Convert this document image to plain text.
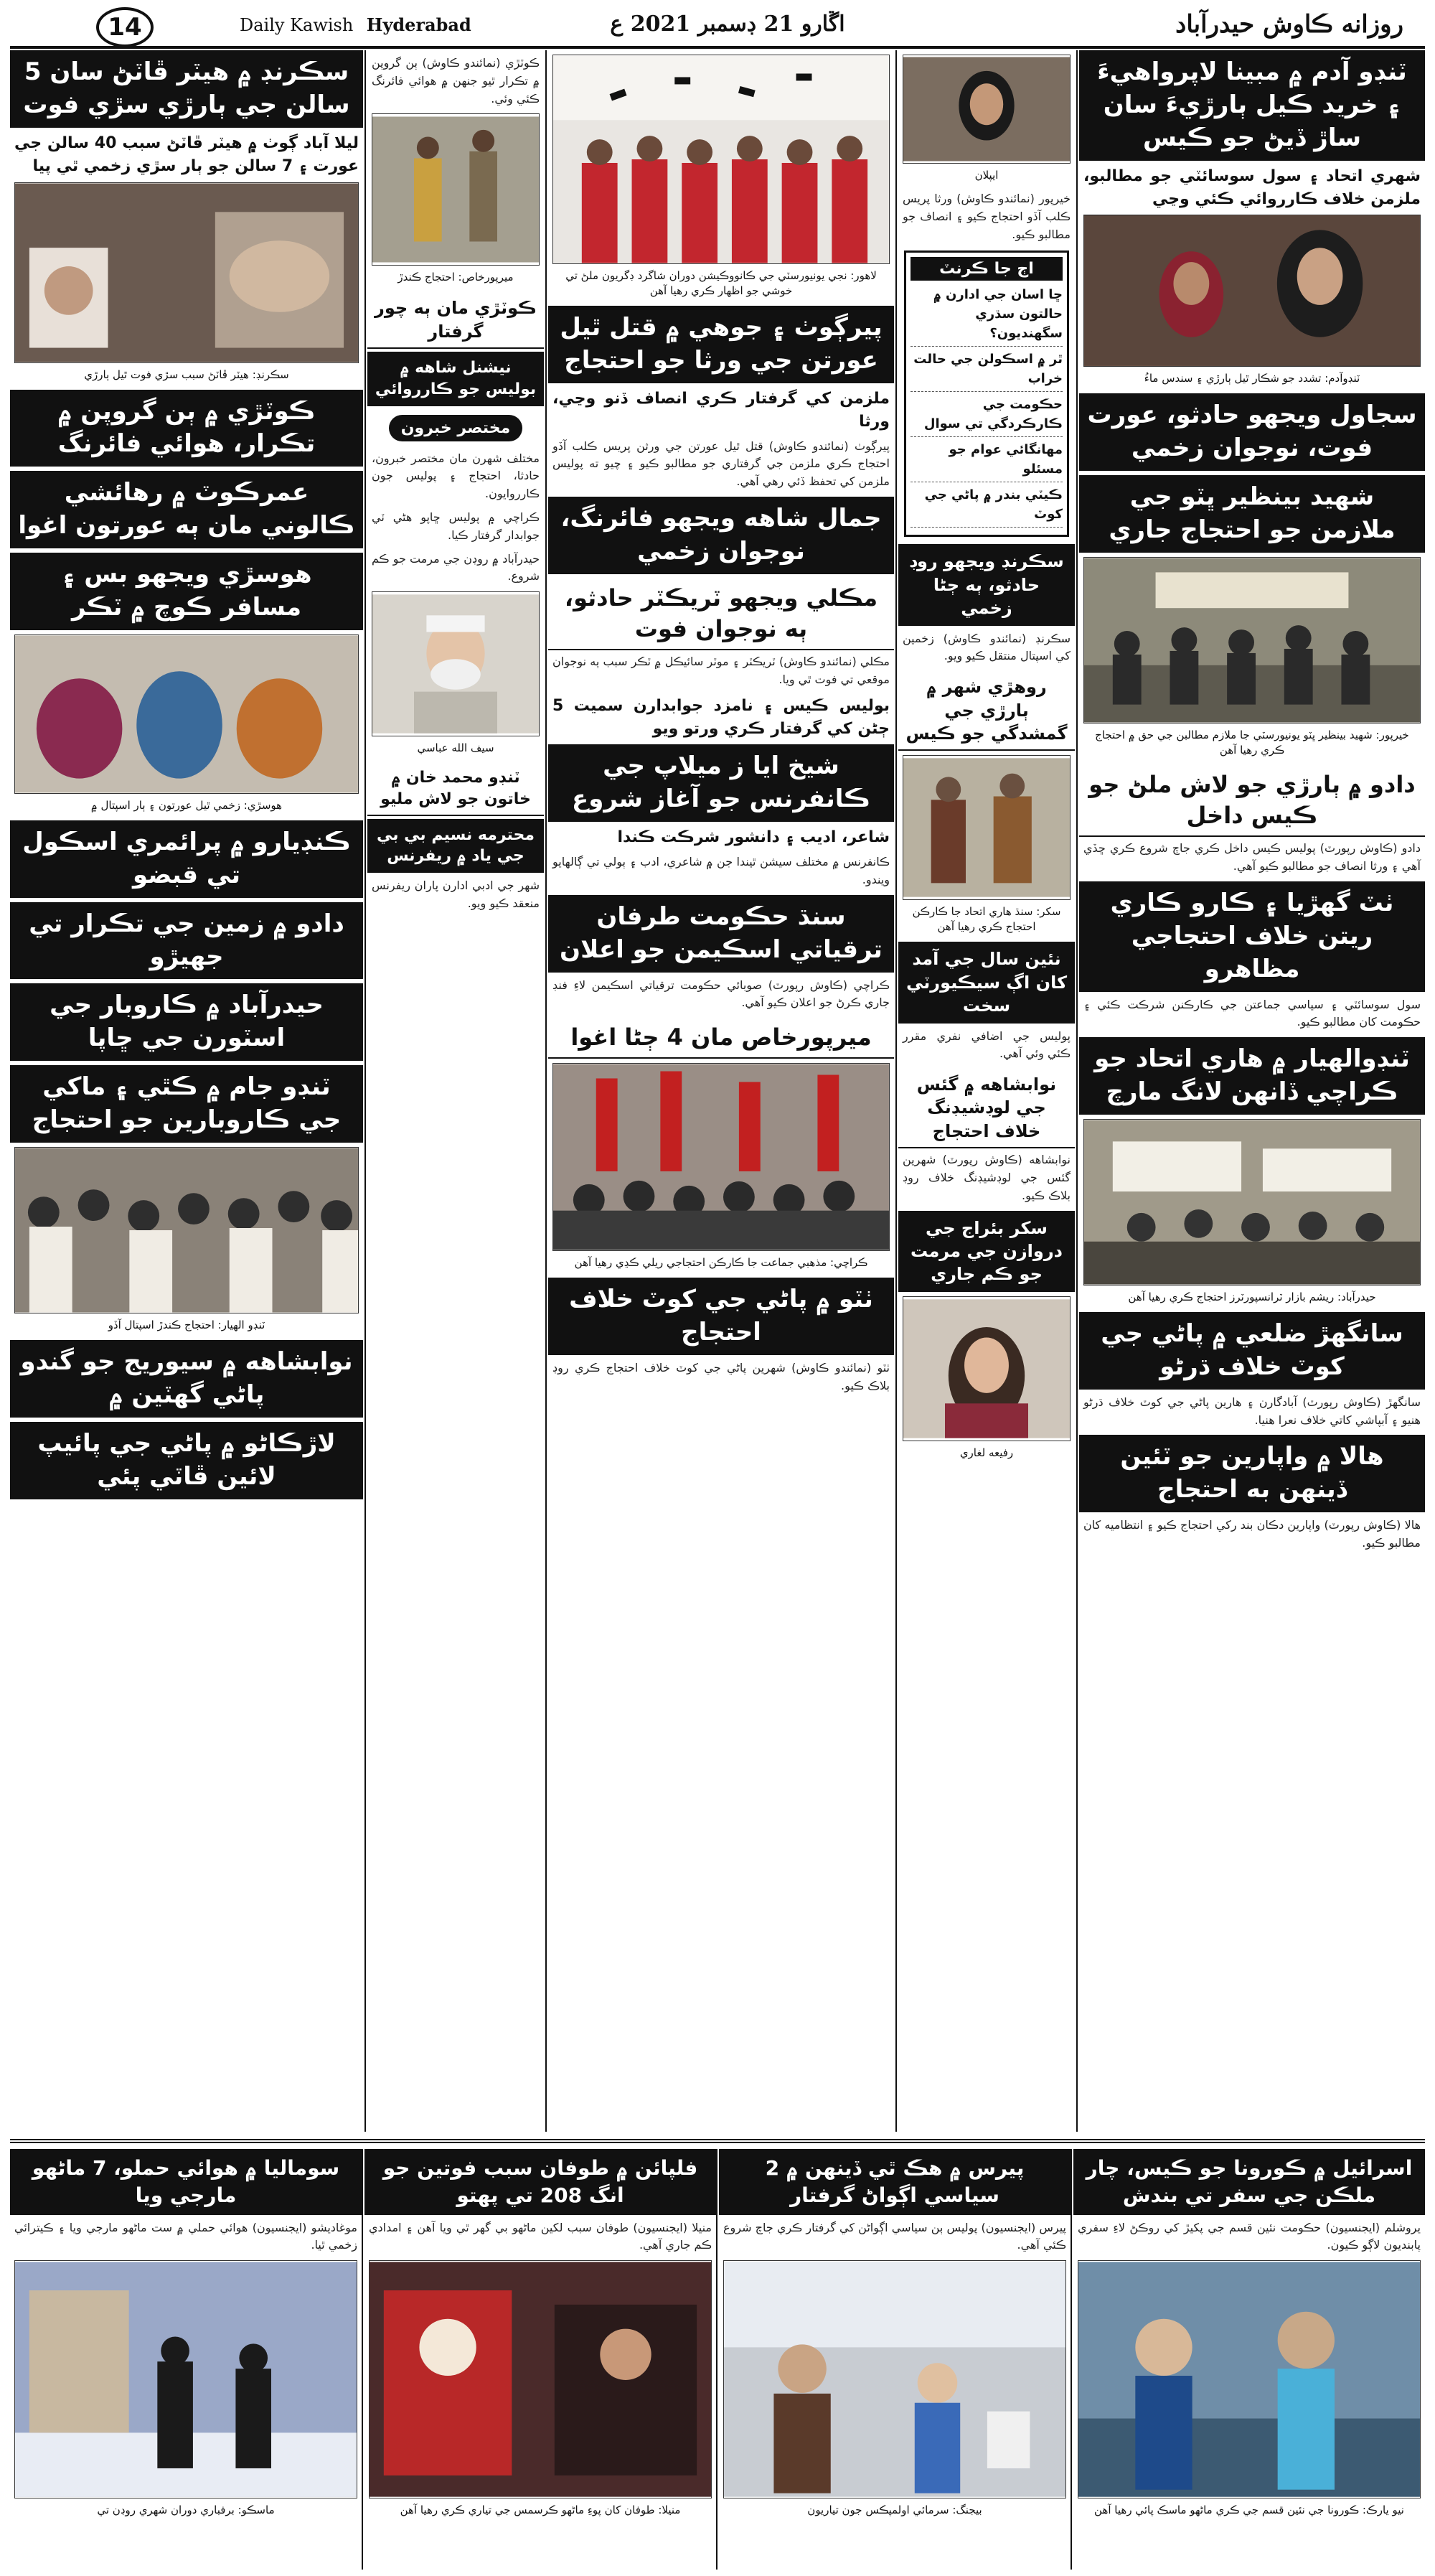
14	Daily Kawish Hyderabad	اڱارو 21 ڊسمبر 2021 ع	روزانه ڪاوش حيدرآباد
ٽنڊو آدم ۾ مبينا لاپرواهيءَ ۽ خريد ڪيل ٻارڙيءَ سان ساڙ ڏيڻ جو ڪيس
شهري اتحاد ۽ سول سوسائٽي جو مطالبو، ملزمن خلاف ڪارروائي ڪئي وڃي
ٽنڊوآدم: تشدد جو شڪار ٿيل ٻارڙي ۽ سندس ماءُ
سجاول ويجهو حادثو، عورت فوت، نوجوان زخمي
شهيد بينظير ڀٽو جي ملازمن جو احتجاج جاري
خيرپور: شهيد بينظير ڀٽو يونيورسٽي جا ملازم مطالبن جي حق ۾ احتجاج ڪري رهيا آهن
دادو ۾ ٻارڙي جو لاش ملڻ جو ڪيس داخل
دادو (ڪاوش رپورٽ) پوليس ڪيس داخل ڪري جاچ شروع ڪري ڇڏي آهي ۽ ورثا انصاف جو مطالبو ڪيو آهي.
ٺٽ گهڙيا ۽ ڪارو ڪاري ريتن خلاف احتجاجي مظاهرو
سول سوسائٽي ۽ سياسي جماعتن جي ڪارڪنن شرڪت ڪئي ۽ حڪومت کان مطالبو ڪيو.
ٽنڊوالهيار ۾ هاري اتحاد جو ڪراچي ڏانهن لانگ مارچ
حيدرآباد: ريشم بازار ٽرانسپورٽرز احتجاج ڪري رهيا آهن
سانگهڙ ضلعي ۾ پاڻي جي کوٽ خلاف ڌرڻو
سانگهڙ (ڪاوش رپورٽ) آبادگارن ۽ هارين پاڻي جي کوٽ خلاف ڌرڻو هنيو ۽ آبپاشي کاتي خلاف نعرا هنيا.
هالا ۾ واپارين جو ٽئين ڏينهن به احتجاج
هالا (ڪاوش رپورٽ) واپارين دڪان بند رکي احتجاج ڪيو ۽ انتظاميه کان مطالبو ڪيو.
ايپلان
خيرپور (نمائندو ڪاوش) ورثا پريس ڪلب آڏو احتجاج ڪيو ۽ انصاف جو مطالبو ڪيو.
اڄ جا ڪرنٽ
ڇا اسان جي ادارن ۾ حالتون سڌري سگهنديون؟
ٿر ۾ اسڪولن جي حالت خراب
حڪومت جي ڪارڪردگي تي سوال
مهانگائي عوام جو مسئلو
ڪيٽي بندر ۾ پاڻي جي کوٽ
سڪرنڊ ويجهو روڊ حادثو، ٻه ڄڻا زخمي
سڪرنڊ (نمائندو ڪاوش) زخمين کي اسپتال منتقل ڪيو ويو.
روهڙي شهر ۾ ٻارڙي جي گمشدگي جو ڪيس
سکر: سنڌ هاري اتحاد جا ڪارڪن احتجاج ڪري رهيا آهن
نئين سال جي آمد کان اڳ سيڪيورٽي سخت
پوليس جي اضافي نفري مقرر ڪئي وئي آهي.
نوابشاهه ۾ گئس جي لوڊشيڊنگ خلاف احتجاج
نوابشاهه (ڪاوش رپورٽ) شهرين گئس جي لوڊشيڊنگ خلاف روڊ بلاڪ ڪيو.
سکر بئراج جي دروازن جي مرمت جو ڪم جاري
رفيعه لغاري
لاهور: نجي يونيورسٽي جي ڪانووڪيشن دوران شاگرد ڊگريون ملڻ تي خوشي جو اظهار ڪري رهيا آهن
پيرڳوٺ ۽ جوهي ۾ قتل ٿيل عورتن جي ورثا جو احتجاج
ملزمن کي گرفتار ڪري انصاف ڏنو وڃي، ورثا
پيرڳوٺ (نمائندو ڪاوش) قتل ٿيل عورتن جي ورثن پريس ڪلب آڏو احتجاج ڪري ملزمن جي گرفتاري جو مطالبو ڪيو ۽ چيو ته پوليس ملزمن کي تحفظ ڏئي رهي آهي.
جمال شاهه ويجهو فائرنگ، نوجوان زخمي
مڪلي ويجهو ٽريڪٽر حادثو، ٻه نوجوان فوت
مڪلي (نمائندو ڪاوش) ٽريڪٽر ۽ موٽر سائيڪل ۾ ٽڪر سبب ٻه نوجوان موقعي تي فوت ٿي ويا.
بوليس ڪيس ۽ نامزد جوابدارن سميت 5 ڄڻن کي گرفتار ڪري ورتو ويو
شيخ ايا ز ميلاپ جي ڪانفرنس جو آغاز شروع
شاعر، اديب ۽ دانشور شرڪت ڪندا
ڪانفرنس ۾ مختلف سيشن ٿيندا جن ۾ شاعري، ادب ۽ ٻولي تي ڳالهايو ويندو.
سنڌ حڪومت طرفان ترقياتي اسڪيمن جو اعلان
ڪراچي (ڪاوش رپورٽ) صوبائي حڪومت ترقياتي اسڪيمن لاءِ فنڊ جاري ڪرڻ جو اعلان ڪيو آهي.
ميرپورخاص مان 4 ڄڻا اغوا
ڪراچي: مذهبي جماعت جا ڪارڪن احتجاجي ريلي ڪڍي رهيا آهن
ٺٽو ۾ پاڻي جي کوٽ خلاف احتجاج
ٺٽو (نمائندو ڪاوش) شهرين پاڻي جي کوٽ خلاف احتجاج ڪري روڊ بلاڪ ڪيو.
ڪوٽڙي (نمائندو ڪاوش) ٻن گروپن ۾ تڪرار ٿيو جنهن ۾ هوائي فائرنگ ڪئي وئي.
ميرپورخاص: احتجاج ڪندڙ
ڪوٽڙي مان ٻه چور گرفتار
نيشنل شاهه ۾ بوليس جو ڪارروائي
مختصر خبرون
مختلف شهرن مان مختصر خبرون، حادثا، احتجاج ۽ پوليس جون ڪارروايون.
ڪراچي ۾ پوليس ڇاپو هڻي ٽي جوابدار گرفتار ڪيا.
حيدرآباد ۾ روڊن جي مرمت جو ڪم شروع.
سيف الله عباسي
ٽنڊو محمد خان ۾ خاتون جو لاش مليو
محترمه نسيم بي بي جي ياد ۾ ريفرنس
شهر جي ادبي ادارن پاران ريفرنس منعقد ڪيو ويو.
سڪرنڊ ۾ هيٽر ڦاٽڻ سان 5 سالن جي ٻارڙي سڙي فوت
ليلا آباد ڳوٺ ۾ هيٽر ڦاٽڻ سبب 40 سالن جي عورت ۽ 7 سالن جو ٻار سڙي زخمي ٿي پيا
سڪرنڊ: هيٽر ڦاٽڻ سبب سڙي فوت ٿيل ٻارڙي
ڪوٽڙي ۾ ٻن گروپن ۾ تڪرار، هوائي فائرنگ
عمرڪوٽ ۾ رهائشي ڪالوني مان ٻه عورتون اغوا
هوسڙي ويجهو بس ۽ مسافر ڪوچ ۾ ٽڪر
هوسڙي: زخمي ٿيل عورتون ۽ ٻار اسپتال ۾
ڪنڊيارو ۾ پرائمري اسڪول تي قبضو
دادو ۾ زمين جي تڪرار تي جهيڙو
حيدرآباد ۾ ڪاروبار جي اسٽورن جي ڇاپا
ٽنڊو جام ۾ ڪٿي ۽ ماکي جي ڪاروبارين جو احتجاج
ٽنڊو الهيار: احتجاج ڪندڙ اسپتال آڏو
نوابشاهه ۾ سيوريج جو گندو پاڻي گهٽين ۾
لاڙڪاڻو ۾ پاڻي جي پائيپ لائين ڦاٽي پئي
اسرائيل ۾ ڪورونا جو ڪيس، چار ملڪن جي سفر تي بندش
يروشلم (ايجنسيون) حڪومت نئين قسم جي پکيڙ کي روڪڻ لاءِ سفري پابنديون لاڳو ڪيون.
نيو يارڪ: ڪورونا جي نئين قسم جي ڪري ماڻهو ماسڪ پائي رهيا آهن
پيرس ۾ هڪ ٿي ڏينهن ۾ 2 سياسي اڳواڻ گرفتار
پيرس (ايجنسيون) پوليس ٻن سياسي اڳواڻن کي گرفتار ڪري جاچ شروع ڪئي آهي.
بيجنگ: سرمائي اولمپڪس جون تياريون
فلپائن ۾ طوفان سبب فوتين جو انگ 208 تي پهتو
منيلا (ايجنسيون) طوفان سبب لکين ماڻهو بي گهر ٿي ويا آهن ۽ امدادي ڪم جاري آهي.
منيلا: طوفان کان پوءِ ماڻهو ڪرسمس جي تياري ڪري رهيا آهن
سوماليا ۾ هوائي حملو، 7 ماڻهو مارجي ويا
موغاديشو (ايجنسيون) هوائي حملي ۾ ست ماڻهو مارجي ويا ۽ ڪيترائي زخمي ٿيا.
ماسڪو: برفباري دوران شهري روڊن تي
